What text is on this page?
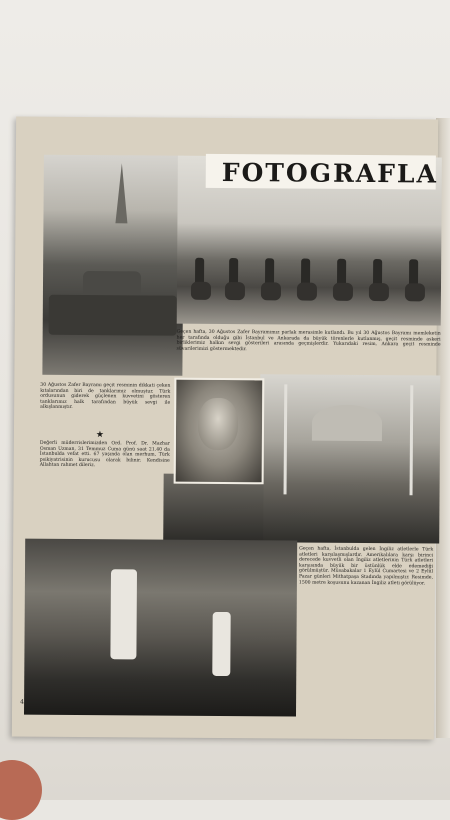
FOTOGRAFLA
Geçen hafta, 30 Ağustos Zafer Bayramımız parlak merasimle kutlandı. Bu yıl 30 Ağustos Bayramı memleketin her tarafında olduğu gibi İstanbul ve Ankarada da büyük törenlerle kutlanmış, geçit resminde askeri birliklerimiz halkın sevgi gösterileri arasında geçmişlerdir. Yukarıdaki resim, Ankara geçit resminde süvarilerimizi göstermektedir.
30 Ağustos Zafer Bayramı geçit resminin dikkati çeken kıtalarından biri de tanklarımız olmuştur. Türk ordusunun giderek güçlenen kuvvetini gösteren tanklarımız halk tarafından büyük sevgi ile alkışlanmıştır.
★
Değerli müderrislerimizden Ord. Prof. Dr. Mazhar Osman Uzman, 31 Temmuz Cuma günü saat 21.40 da İstanbulda vefat etti. 67 yaşında olan merhum, Türk psikiyatrisinin kurucusu olarak bilinir. Kendisine Allahtan rahmet dileriz.
Geçen hafta, İstanbulda gelen İngiliz atletlerle Türk atletleri karşılaşmışlardır. Amerikalılara karşı birinci derecede kuvvetli olan İngiliz atletlerinin Türk atletleri karşısında büyük bir üstünlük elde edemediği görülmüştür. Müsabakalar 1 Eylül Cumartesi ve 2 Eylül Pazar günleri Mithatpaşa Stadında yapılmıştır. Resimde, 1500 metre koşusunu kazanan İngiliz atleti görülüyor.
4
